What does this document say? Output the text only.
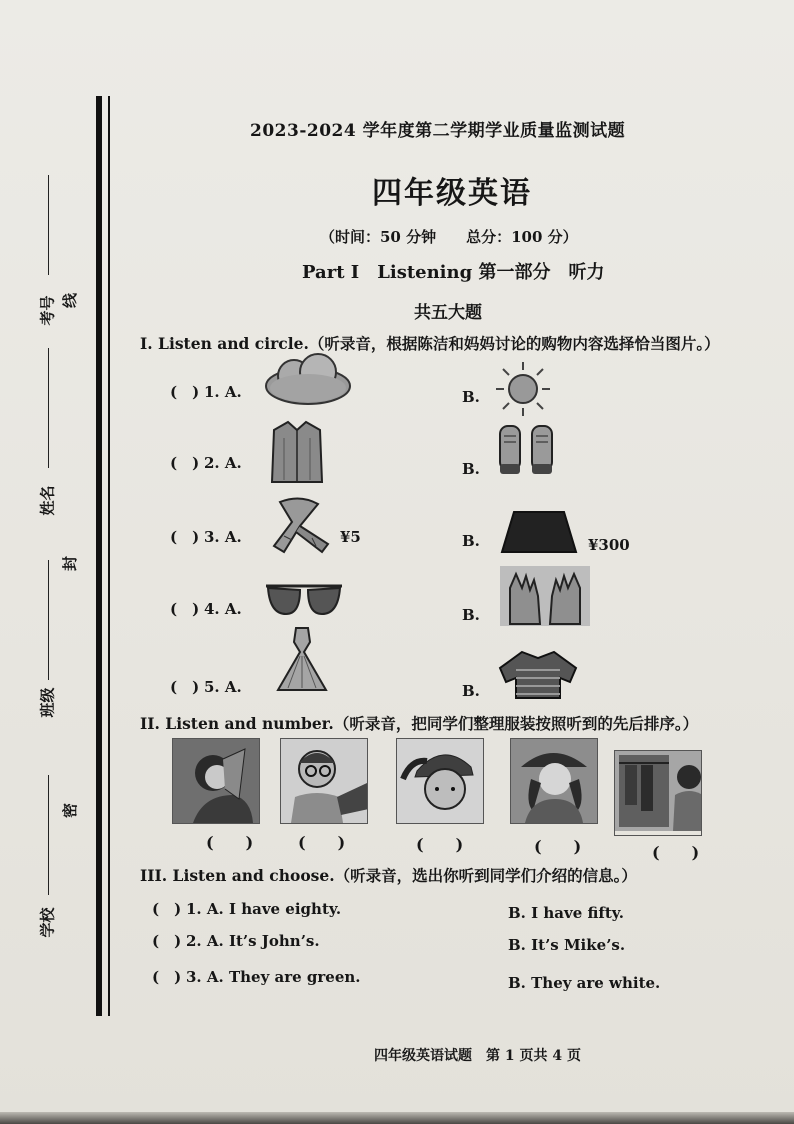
考号 线
姓名
封
班级
密
学校
2023-2024 学年度第二学期学业质量监测试题
四年级英语
（时间：50 分钟　　总分：100 分）
Part I　Listening 第一部分　听力
共五大题
I. Listen and circle.（听录音，根据陈洁和妈妈讨论的购物内容选择恰当图片。）
(　) 1. A.	B.
(　) 2. A.	B.
(　) 3. A.	¥5	B.	¥300
(　) 4. A.	B.
(　) 5. A.	B.
II. Listen and number.（听录音，把同学们整理服装按照听到的先后排序。）
(　　)	(　　)	(　　)	(　　)	(　　)
III. Listen and choose.（听录音，选出你听到同学们介绍的信息。）
(　) 1. A. I have eighty.	B. I have fifty.
(　) 2. A. It’s John’s.	B. It’s Mike’s.
(　) 3. A. They are green.	B. They are white.
四年级英语试题　第 1 页共 4 页
